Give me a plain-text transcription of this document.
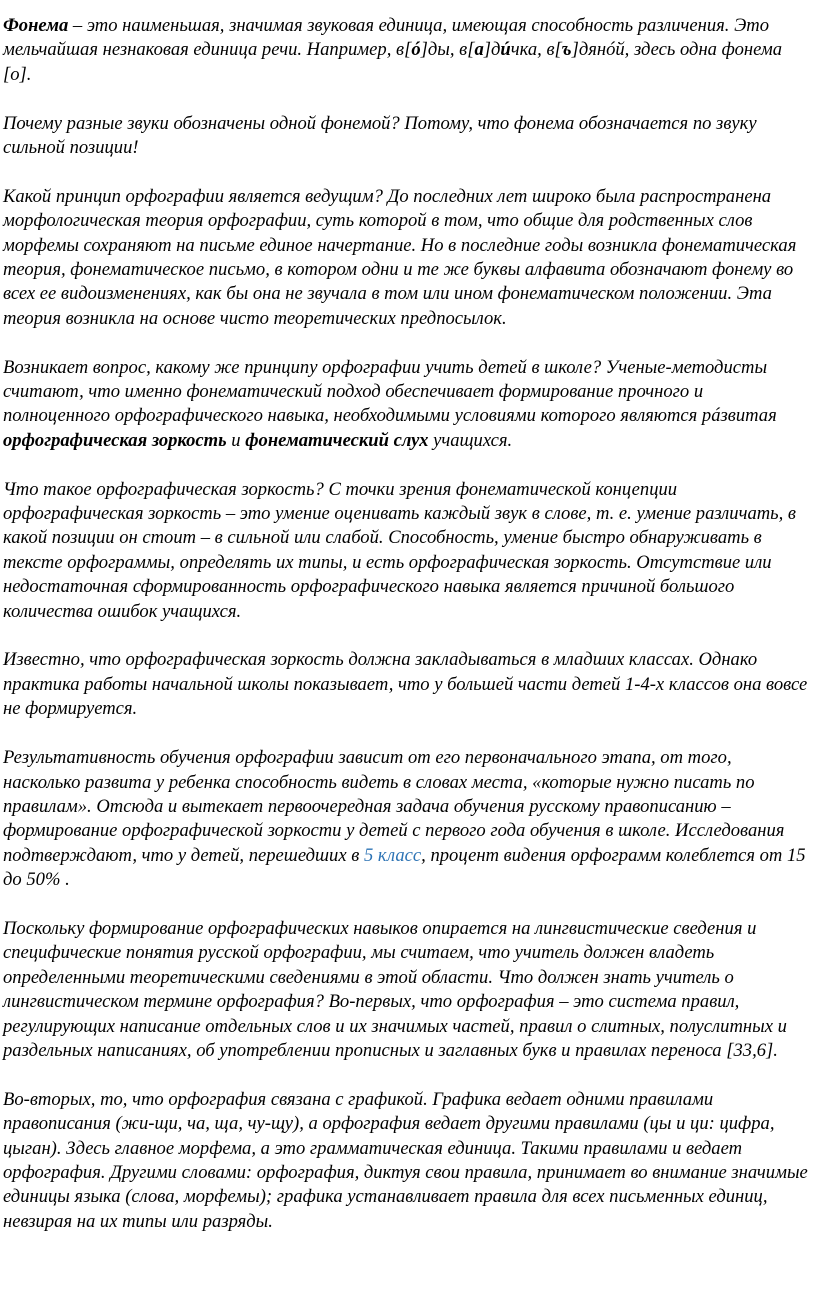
Фонема – это наименьшая, значимая звуковая единица, имеющая способность различения. Это мельчайшая незнаковая единица речи. Например, в[ó]ды, в[a]дúчка, в[ъ]дянóй, здесь одна фонема [о].

Почему разные звуки обозначены одной фонемой? Потому, что фонема обозначается по звуку сильной позиции!

Какой принцип орфографии является ведущим? До последних лет широко была распространена морфологическая теория орфографии, суть которой в том, что общие для родственных слов морфемы сохраняют на письме единое начертание. Но в последние годы возникла фонематическая теория, фонематическое письмо, в котором одни и те же буквы алфавита обозначают фонему во всех ее видоизменениях, как бы она не звучала в том или ином фонематическом положении. Эта теория возникла на основе чисто теоретических предпосылок.

Возникает вопрос, какому же принципу орфографии учить детей в школе? Ученые-методисты считают, что именно фонематический подход обеспечивает формирование прочного и полноценного орфографического навыка, необходимыми условиями которого являются рáзвитая орфографическая зоркость и фонематический слух учащихся.

Что такое орфографическая зоркость? С точки зрения фонематической концепции орфографическая зоркость – это умение оценивать каждый звук в слове, т. е. умение различать, в какой позиции он стоит – в сильной или слабой. Способность, умение быстро обнаруживать в тексте орфограммы, определять их типы, и есть орфографическая зоркость. Отсутствие или недостаточная сформированность орфографического навыка является причиной большого количества ошибок учащихся.

Известно, что орфографическая зоркость должна закладываться в младших классах. Однако практика работы начальной школы показывает, что у большей части детей 1-4-х классов она вовсе не формируется.

Результативность обучения орфографии зависит от его первоначального этапа, от того, насколько развита у ребенка способность видеть в словах места, «которые нужно писать по правилам». Отсюда и вытекает первоочередная задача обучения русскому правописанию – формирование орфографической зоркости у детей с первого года обучения в школе. Исследования подтверждают, что у детей, перешедших в 5 класс, процент видения орфограмм колеблется от 15 до 50% .

Поскольку формирование орфографических навыков опирается на лингвистические сведения и специфические понятия русской орфографии, мы считаем, что учитель должен владеть определенными теоретическими сведениями в этой области. Что должен знать учитель о лингвистическом термине орфография? Во-первых, что орфография – это система правил, регулирующих написание отдельных слов и их значимых частей, правил о слитных, полуслитных и раздельных написаниях, об употреблении прописных и заглавных букв и правилах переноса [33,6].

Во-вторых, то, что орфография связана с графикой. Графика ведает одними правилами правописания (жи-щи, ча, ща, чу-щу), а орфография ведает другими правилами (цы и ци: цифра, цыган). Здесь главное морфема, а это грамматическая единица. Такими правилами и ведает орфография. Другими словами: орфография, диктуя свои правила, принимает во внимание значимые единицы языка (слова, морфемы); графика устанавливает правила для всех письменных единиц, невзирая на их типы или разряды.
